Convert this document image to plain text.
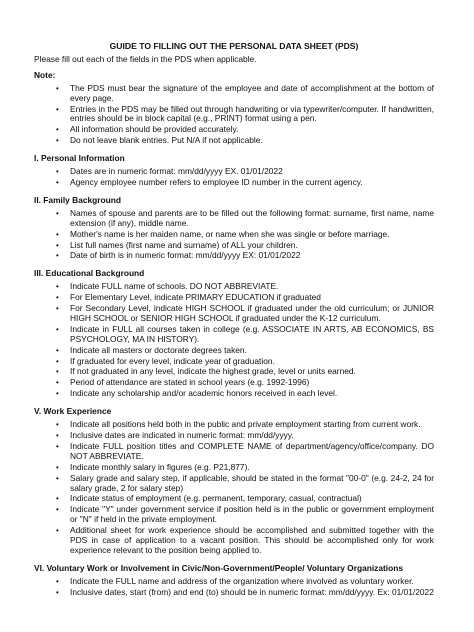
GUIDE TO FILLING OUT THE PERSONAL DATA SHEET (PDS)
Please fill out each of the fields in the PDS when applicable.
Note:
• The PDS must bear the signature of the employee and date of accomplishment at the bottom of every page.
• Entries in the PDS may be filled out through handwriting or via typewriter/computer. If handwritten, entries should be in block capital (e.g., PRINT) format using a pen.
• All information should be provided accurately.
• Do not leave blank entries. Put N/A if not applicable.
I. Personal Information
• Dates are in numeric format: mm/dd/yyyy EX. 01/01/2022
• Agency employee number refers to employee ID number in the current agency.
II. Family Background
• Names of spouse and parents are to be filled out the following format: surname, first name, name extension (if any), middle name.
• Mother's name is her maiden name, or name when she was single or before marriage.
• List full names (first name and surname) of ALL your children.
• Date of birth is in numeric format: mm/dd/yyyy EX: 01/01/2022
III. Educational Background
• Indicate FULL name of schools. DO NOT ABBREVIATE.
• For Elementary Level, indicate PRIMARY EDUCATION if graduated
• For Secondary Level, indicate HIGH SCHOOL if graduated under the old curriculum; or JUNIOR HIGH SCHOOL or SENIOR HIGH SCHOOL if graduated under the K-12 curriculum.
• Indicate in FULL all courses taken in college (e.g. ASSOCIATE IN ARTS, AB ECONOMICS, BS PSYCHOLOGY, MA IN HISTORY).
• Indicate all masters or doctorate degrees taken.
• If graduated for every level, indicate year of graduation.
• If not graduated in any level, indicate the highest grade, level or units earned.
• Period of attendance are stated in school years (e.g. 1992-1996)
• Indicate any scholarship and/or academic honors received in each level.
V. Work Experience
• Indicate all positions held both in the public and private employment starting from current work.
• Inclusive dates are indicated in numeric format: mm/dd/yyyy.
• Indicate FULL position titles and COMPLETE NAME of department/agency/office/company. DO NOT ABBREVIATE.
• Indicate monthly salary in figures (e.g. P21,877).
• Salary grade and salary step, if applicable, should be stated in the format "00-0" (e.g. 24-2, 24 for salary grade, 2 for salary step)
• Indicate status of employment (e.g. permanent, temporary, casual, contractual)
• Indicate "Y" under government service if position held is in the public or government employment or "N" if held in the private employment.
• Additional sheet for work experience should be accomplished and submitted together with the PDS in case of application to a vacant position. This should be accomplished only for work experience relevant to the position being applied to.
VI. Voluntary Work or Involvement in Civic/Non-Government/People/ Voluntary Organizations
• Indicate the FULL name and address of the organization where involved as voluntary worker.
• Inclusive dates, start (from) and end (to) should be in numeric format: mm/dd/yyyy. Ex: 01/01/2022
